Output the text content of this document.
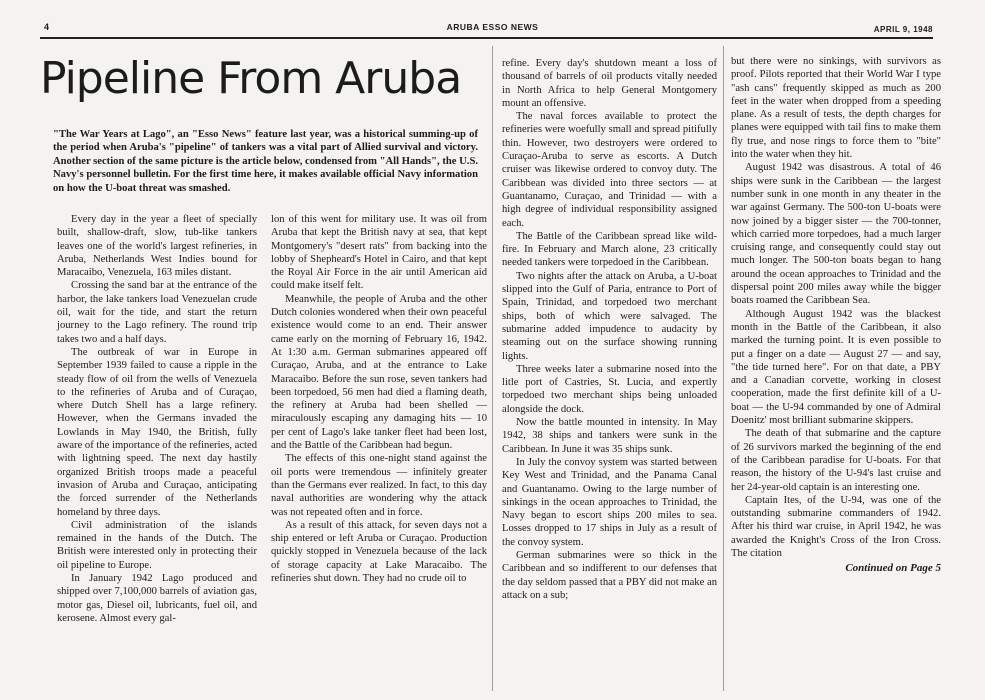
4	ARUBA ESSO NEWS	APRIL 9, 1948
Pipeline From Aruba
"The War Years at Lago", an "Esso News" feature last year, was a historical summing-up of the period when Aruba's "pipeline" of tankers was a vital part of Allied survival and victory. Another section of the same picture is the article below, condensed from "All Hands", the U.S. Navy's personnel bulletin. For the first time here, it makes available official Navy information on how the U-boat threat was smashed.

Every day in the year a fleet of specially built, shallow-draft, slow, tub-like tankers leaves one of the world's largest refineries, in Aruba, Netherlands West Indies bound for Maracaibo, Venezuela, 163 miles distant.

Crossing the sand bar at the entrance of the harbor, the lake tankers load Venezuelan crude oil, wait for the tide, and start the return journey to the Lago refinery. The round trip takes two and a half days.

The outbreak of war in Europe in September 1939 failed to cause a ripple in the steady flow of oil from the wells of Venezuela to the refineries of Aruba and of Curaçao, where Dutch Shell has a large refinery. However, when the Germans invaded the Lowlands in May 1940, the British, fully aware of the importance of the refineries, acted with lightning speed. The next day hastily organized British troops made a peaceful invasion of Aruba and Curaçao, anticipating the forced surrender of the Netherlands homeland by three days.

Civil administration of the islands remained in the hands of the Dutch. The British were interested only in protecting their oil pipeline to Europe.

In January 1942 Lago produced and shipped over 7,100,000 barrels of aviation gas, motor gas, Diesel oil, lubricants, fuel oil, and kerosene. Almost every gal-

lon of this went for military use. It was oil from Aruba that kept the British navy at sea, that kept Montgomery's "desert rats" from backing into the lobby of Shepheard's Hotel in Cairo, and that kept the Royal Air Force in the air until American aid could make itself felt.

Meanwhile, the people of Aruba and the other Dutch colonies wondered when their own peaceful existence would come to an end. Their answer came early on the morning of February 16, 1942. At 1:30 a.m. German submarines appeared off Curaçao, Aruba, and at the entrance to Lake Maracaibo. Before the sun rose, seven tankers had been torpedoed, 56 men had died a flaming death, the refinery at Aruba had been shelled — miraculously escaping any damaging hits — 10 per cent of Lago's lake tanker fleet had been lost, and the Battle of the Caribbean had begun.

The effects of this one-night stand against the oil ports were tremendous — infinitely greater than the Germans ever realized. In fact, to this day naval authorities are wondering why the attack was not repeated often and in force.

As a result of this attack, for seven days not a ship entered or left Aruba or Curaçao. Production quickly stopped in Venezuela because of the lack of storage capacity at Lake Maracaibo. The refineries shut down. They had no crude oil to

refine. Every day's shutdown meant a loss of thousand of barrels of oil products vitally needed in North Africa to help General Montgomery mount an offensive.

The naval forces available to protect the refineries were woefully small and spread pitifully thin. However, two destroyers were ordered to Curaçao-Aruba to serve as escorts. A Dutch cruiser was likewise ordered to convoy duty. The Caribbean was divided into three sectors — at Guantanamo, Curaçao, and Trinidad — with a high degree of individual responsibility assigned each.

The Battle of the Caribbean spread like wild-fire. In February and March alone, 23 critically needed tankers were torpedoed in the Caribbean.

Two nights after the attack on Aruba, a U-boat slipped into the Gulf of Paria, entrance to Port of Spain, Trinidad, and torpedoed two merchant ships, both of which were salvaged. The submarine added impudence to audacity by steaming out on the surface showing running lights.

Three weeks later a submarine nosed into the litle port of Castries, St. Lucia, and expertly torpedoed two merchant ships being unloaded alongside the dock.

Now the battle mounted in intensity. In May 1942, 38 ships and tankers were sunk in the Caribbean. In June it was 35 ships sunk.

In July the convoy system was started between Key West and Trinidad, and the Panama Canal and Guantanamo. Owing to the large number of sinkings in the ocean approaches to Trinidad, the Navy began to escort ships 200 miles to sea. Losses dropped to 17 ships in July as a result of the convoy system.

German submarines were so thick in the Caribbean and so indifferent to our defenses that the day seldom passed that a PBY did not make an attack on a sub;

but there were no sinkings, with survivors as proof. Pilots reported that their World War I type "ash cans" frequently skipped as much as 200 feet in the water when dropped from a speeding plane. As a result of tests, the depth charges for planes were equipped with tail fins to make them fly true, and nose rings to force them to "bite" into the water when they hit.

August 1942 was disastrous. A total of 46 ships were sunk in the Caribbean — the largest number sunk in one month in any theater in the war against Germany. The 500-ton U-boats were now joined by a bigger sister — the 700-tonner, which carried more torpedoes, had a much larger cruising range, and consequently could stay out much longer. The 500-ton boats began to hang around the ocean approaches to Trinidad and the dispersal point 200 miles away while the bigger boats roamed the Caribbean Sea.

Although August 1942 was the blackest month in the Battle of the Caribbean, it also marked the turning point. It is even possible to put a finger on a date — August 27 — and say, "the tide turned here". For on that date, a PBY and a Canadian corvette, working in closest cooperation, made the first definite kill of a U-boat — the U-94 commanded by one of Admiral Doenitz' most brilliant submarine skippers.

The death of that submarine and the capture of 26 survivors marked the beginning of the end of the Caribbean paradise for U-boats. For that reason, the history of the U-94's last cruise and her 24-year-old captain is an interesting one.

Captain Ites, of the U-94, was one of the outstanding submarine commanders of 1942. After his third war cruise, in April 1942, he was awarded the Knight's Cross of the Iron Cross. The citation

Continued on Page 5
